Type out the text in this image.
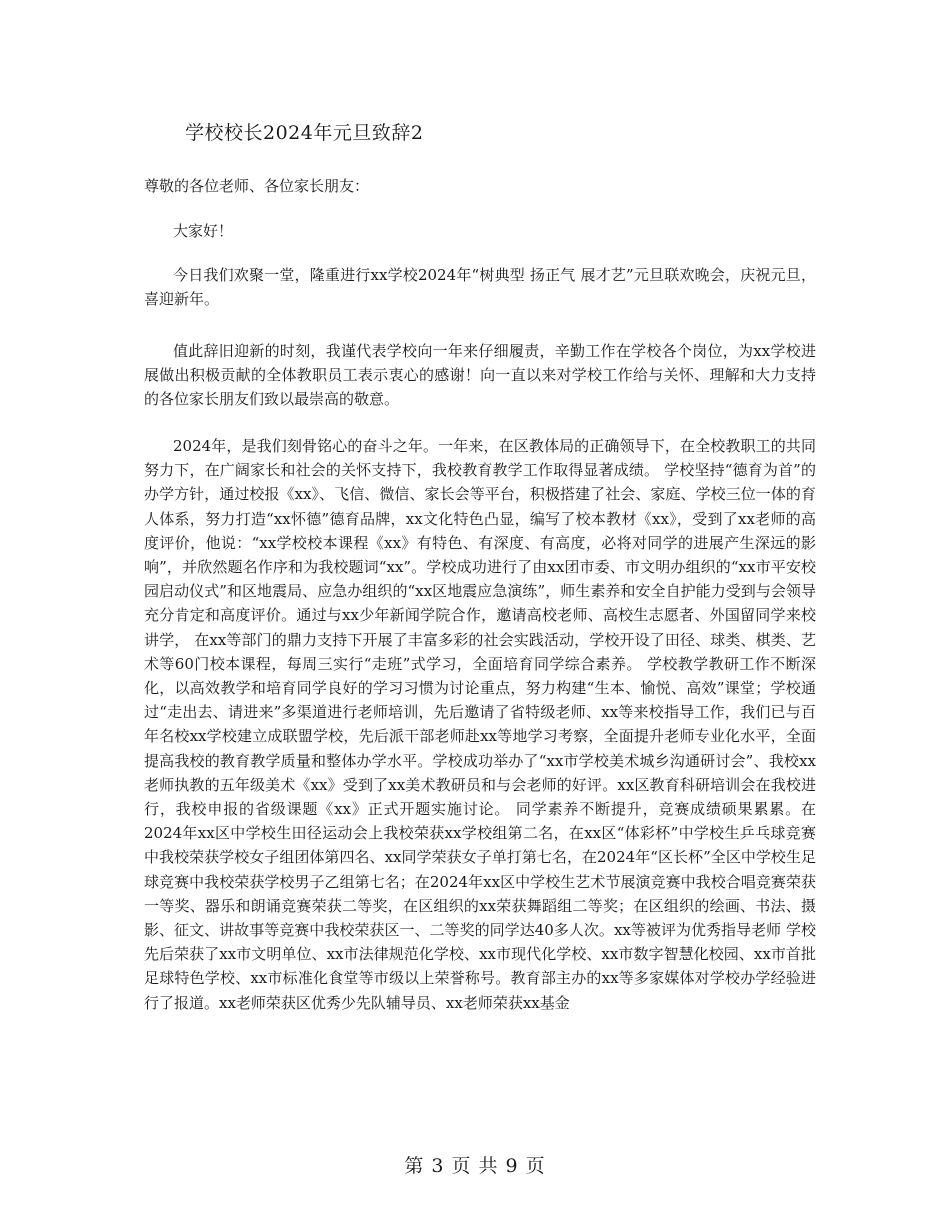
学校校长2024年元旦致辞2
尊敬的各位老师、各位家长朋友：
大家好！

今日我们欢聚一堂，隆重进行xx学校2024年“树典型 扬正气 展才艺”元旦联欢晚会，庆祝元旦，喜迎新年。

值此辞旧迎新的时刻，我谨代表学校向一年来仔细履责，辛勤工作在学校各个岗位，为xx学校进展做出积极贡献的全体教职员工表示衷心的感谢！向一直以来对学校工作给与关怀、理解和大力支持的各位家长朋友们致以最崇高的敬意。

2024年，是我们刻骨铭心的奋斗之年。一年来，在区教体局的正确领导下，在全校教职工的共同努力下，在广阔家长和社会的关怀支持下，我校教育教学工作取得显著成绩。 学校坚持“德育为首”的办学方针，通过校报《xx》、飞信、微信、家长会等平台，积极搭建了社会、家庭、学校三位一体的育人体系，努力打造“xx怀德”德育品牌，xx文化特色凸显，编写了校本教材《xx》，受到了xx老师的高度评价，他说：“xx学校校本课程《xx》有特色、有深度、有高度，必将对同学的进展产生深远的影响”，并欣然题名作序和为我校题词“xx”。学校成功进行了由xx团市委、市文明办组织的“xx市平安校园启动仪式”和区地震局、应急办组织的“xx区地震应急演练”，师生素养和安全自护能力受到与会领导充分肯定和高度评价。通过与xx少年新闻学院合作，邀请高校老师、高校生志愿者、外国留同学来校讲学， 在xx等部门的鼎力支持下开展了丰富多彩的社会实践活动，学校开设了田径、球类、棋类、艺术等60门校本课程，每周三实行“走班”式学习，全面培育同学综合素养。 学校教学教研工作不断深化，以高效教学和培育同学良好的学习习惯为讨论重点，努力构建“生本、愉悦、高效”课堂；学校通过“走出去、请进来”多渠道进行老师培训，先后邀请了省特级老师、xx等来校指导工作，我们已与百年名校xx学校建立成联盟学校，先后派干部老师赴xx等地学习考察，全面提升老师专业化水平，全面提高我校的教育教学质量和整体办学水平。学校成功举办了“xx市学校美术城乡沟通研讨会”、我校xx老师执教的五年级美术《xx》受到了xx美术教研员和与会老师的好评。xx区教育科研培训会在我校进行，我校申报的省级课题《xx》正式开题实施讨论。 同学素养不断提升，竞赛成绩硕果累累。在2024年xx区中学校生田径运动会上我校荣获xx学校组第二名，在xx区“体彩杯”中学校生乒乓球竞赛中我校荣获学校女子组团体第四名、xx同学荣获女子单打第七名，在2024年“区长杯”全区中学校生足球竞赛中我校荣获学校男子乙组第七名；在2024年xx区中学校生艺术节展演竞赛中我校合唱竞赛荣获一等奖、器乐和朗诵竞赛荣获二等奖，在区组织的xx荣获舞蹈组二等奖；在区组织的绘画、书法、摄影、征文、讲故事等竞赛中我校荣获区一、二等奖的同学达40多人次。xx等被评为优秀指导老师 学校先后荣获了xx市文明单位、xx市法律规范化学校、xx市现代化学校、xx市数字智慧化校园、xx市首批足球特色学校、xx市标准化食堂等市级以上荣誉称号。教育部主办的xx等多家媒体对学校办学经验进行了报道。xx老师荣获区优秀少先队辅导员、xx老师荣获xx基金

第 3 页 共 9 页
